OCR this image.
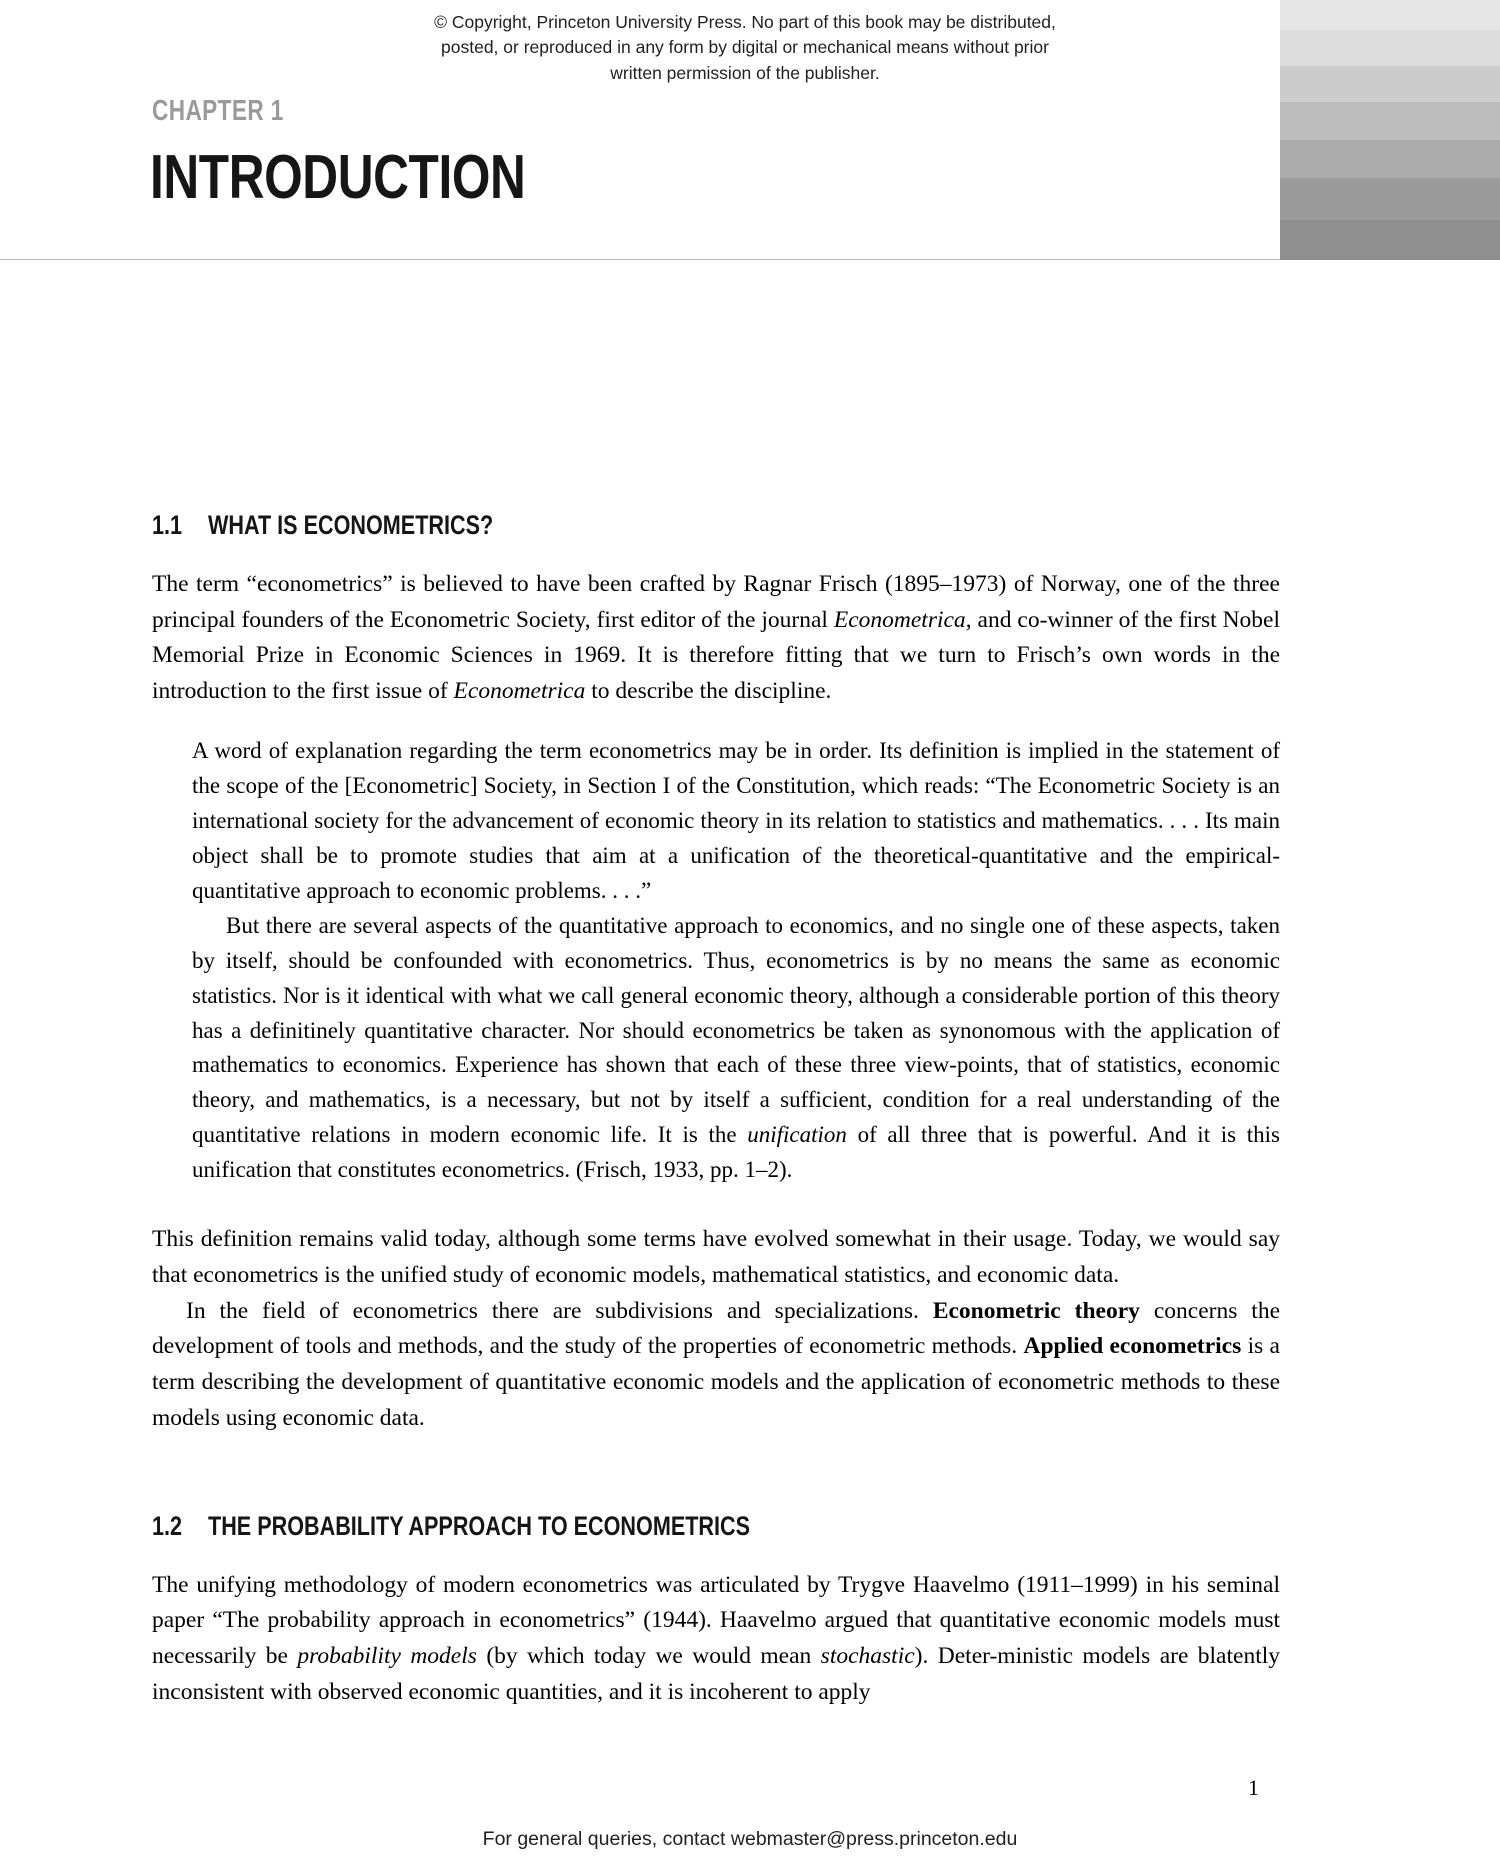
© Copyright, Princeton University Press. No part of this book may be distributed, posted, or reproduced in any form by digital or mechanical means without prior written permission of the publisher.
CHAPTER 1
INTRODUCTION
1.1 WHAT IS ECONOMETRICS?

The term “econometrics” is believed to have been crafted by Ragnar Frisch (1895–1973) of Norway, one of the three principal founders of the Econometric Society, first editor of the journal Econometrica, and co-winner of the first Nobel Memorial Prize in Economic Sciences in 1969. It is therefore fitting that we turn to Frisch’s own words in the introduction to the first issue of Econometrica to describe the discipline.

A word of explanation regarding the term econometrics may be in order. Its definition is implied in the statement of the scope of the [Econometric] Society, in Section I of the Constitution, which reads: “The Econometric Society is an international society for the advancement of economic theory in its relation to statistics and mathematics. . . . Its main object shall be to promote studies that aim at a unification of the theoretical-quantitative and the empirical-quantitative approach to economic problems. . . .”

But there are several aspects of the quantitative approach to economics, and no single one of these aspects, taken by itself, should be confounded with econometrics. Thus, econometrics is by no means the same as economic statistics. Nor is it identical with what we call general economic theory, although a considerable portion of this theory has a definitinely quantitative character. Nor should econometrics be taken as synonomous with the application of mathematics to economics. Experience has shown that each of these three view-points, that of statistics, economic theory, and mathematics, is a necessary, but not by itself a sufficient, condition for a real understanding of the quantitative relations in modern economic life. It is the unification of all three that is powerful. And it is this unification that constitutes econometrics. (Frisch, 1933, pp. 1–2).

This definition remains valid today, although some terms have evolved somewhat in their usage. Today, we would say that econometrics is the unified study of economic models, mathematical statistics, and economic data.

In the field of econometrics there are subdivisions and specializations. Econometric theory concerns the development of tools and methods, and the study of the properties of econometric methods. Applied econometrics is a term describing the development of quantitative economic models and the application of econometric methods to these models using economic data.

1.2 THE PROBABILITY APPROACH TO ECONOMETRICS

The unifying methodology of modern econometrics was articulated by Trygve Haavelmo (1911–1999) in his seminal paper “The probability approach in econometrics” (1944). Haavelmo argued that quantitative economic models must necessarily be probability models (by which today we would mean stochastic). Deter-ministic models are blatently inconsistent with observed economic quantities, and it is incoherent to apply

1
For general queries, contact webmaster@press.princeton.edu
